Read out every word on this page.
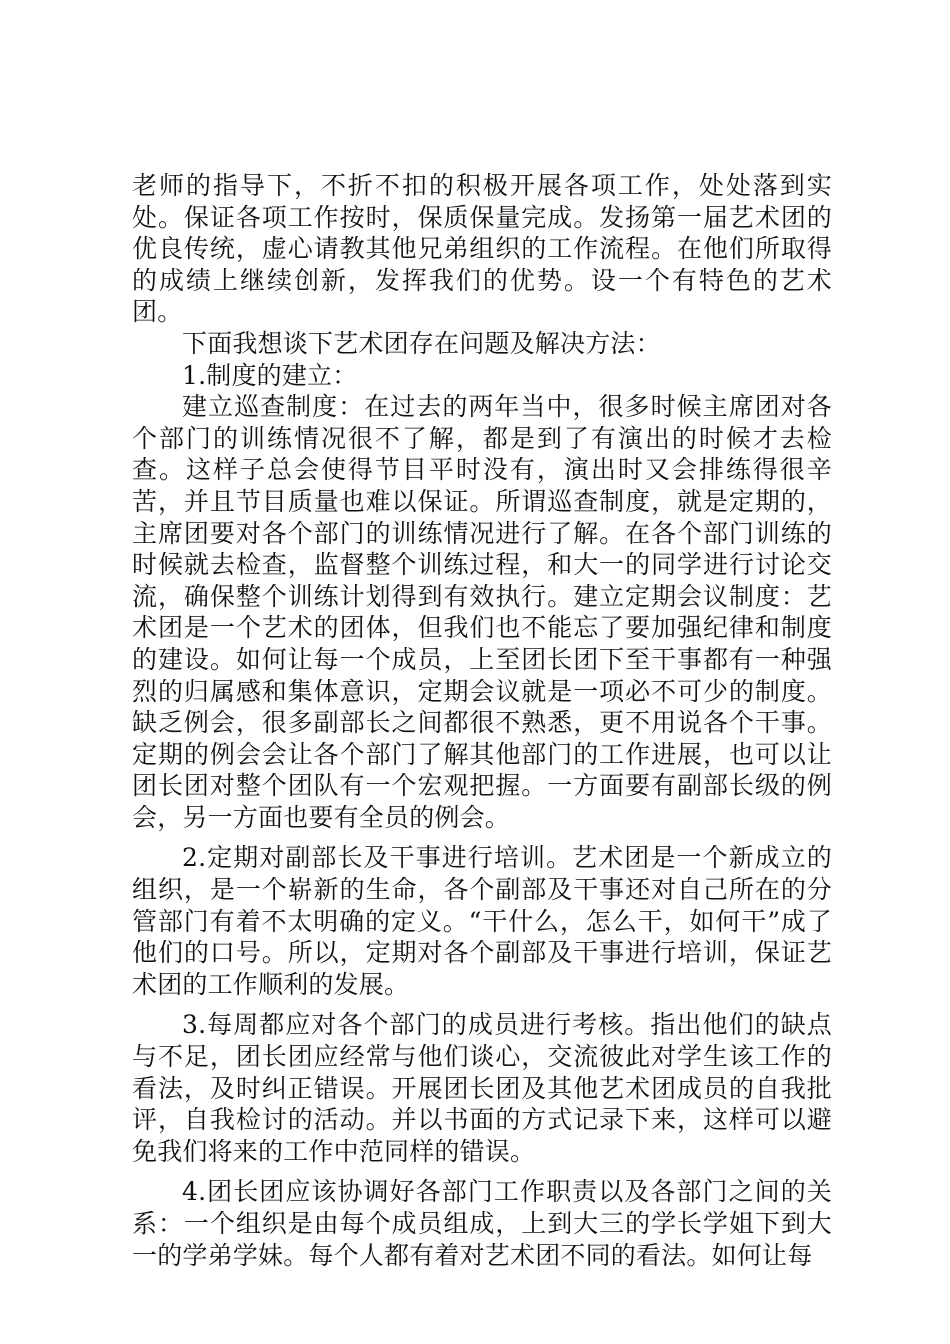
老师的指导下，不折不扣的积极开展各项工作，处处落到实处。保证各项工作按时，保质保量完成。发扬第一届艺术团的优良传统，虚心请教其他兄弟组织的工作流程。在他们所取得的成绩上继续创新，发挥我们的优势。设一个有特色的艺术团。

下面我想谈下艺术团存在问题及解决方法：

1.制度的建立：

建立巡查制度：在过去的两年当中，很多时候主席团对各个部门的训练情况很不了解，都是到了有演出的时候才去检查。这样子总会使得节目平时没有，演出时又会排练得很辛苦，并且节目质量也难以保证。所谓巡查制度，就是定期的，主席团要对各个部门的训练情况进行了解。在各个部门训练的时候就去检查，监督整个训练过程，和大一的同学进行讨论交流，确保整个训练计划得到有效执行。建立定期会议制度：艺术团是一个艺术的团体，但我们也不能忘了要加强纪律和制度的建设。如何让每一个成员，上至团长团下至干事都有一种强烈的归属感和集体意识，定期会议就是一项必不可少的制度。缺乏例会，很多副部长之间都很不熟悉，更不用说各个干事。定期的例会会让各个部门了解其他部门的工作进展，也可以让团长团对整个团队有一个宏观把握。一方面要有副部长级的例会，另一方面也要有全员的例会。

2.定期对副部长及干事进行培训。艺术团是一个新成立的组织，是一个崭新的生命，各个副部及干事还对自己所在的分管部门有着不太明确的定义。“干什么，怎么干，如何干”成了他们的口号。所以，定期对各个副部及干事进行培训，保证艺术团的工作顺利的发展。

3.每周都应对各个部门的成员进行考核。指出他们的缺点与不足，团长团应经常与他们谈心，交流彼此对学生该工作的看法，及时纠正错误。开展团长团及其他艺术团成员的自我批评，自我检讨的活动。并以书面的方式记录下来，这样可以避免我们将来的工作中范同样的错误。

4.团长团应该协调好各部门工作职责以及各部门之间的关系：一个组织是由每个成员组成，上到大三的学长学姐下到大一的学弟学妹。每个人都有着对艺术团不同的看法。如何让每
